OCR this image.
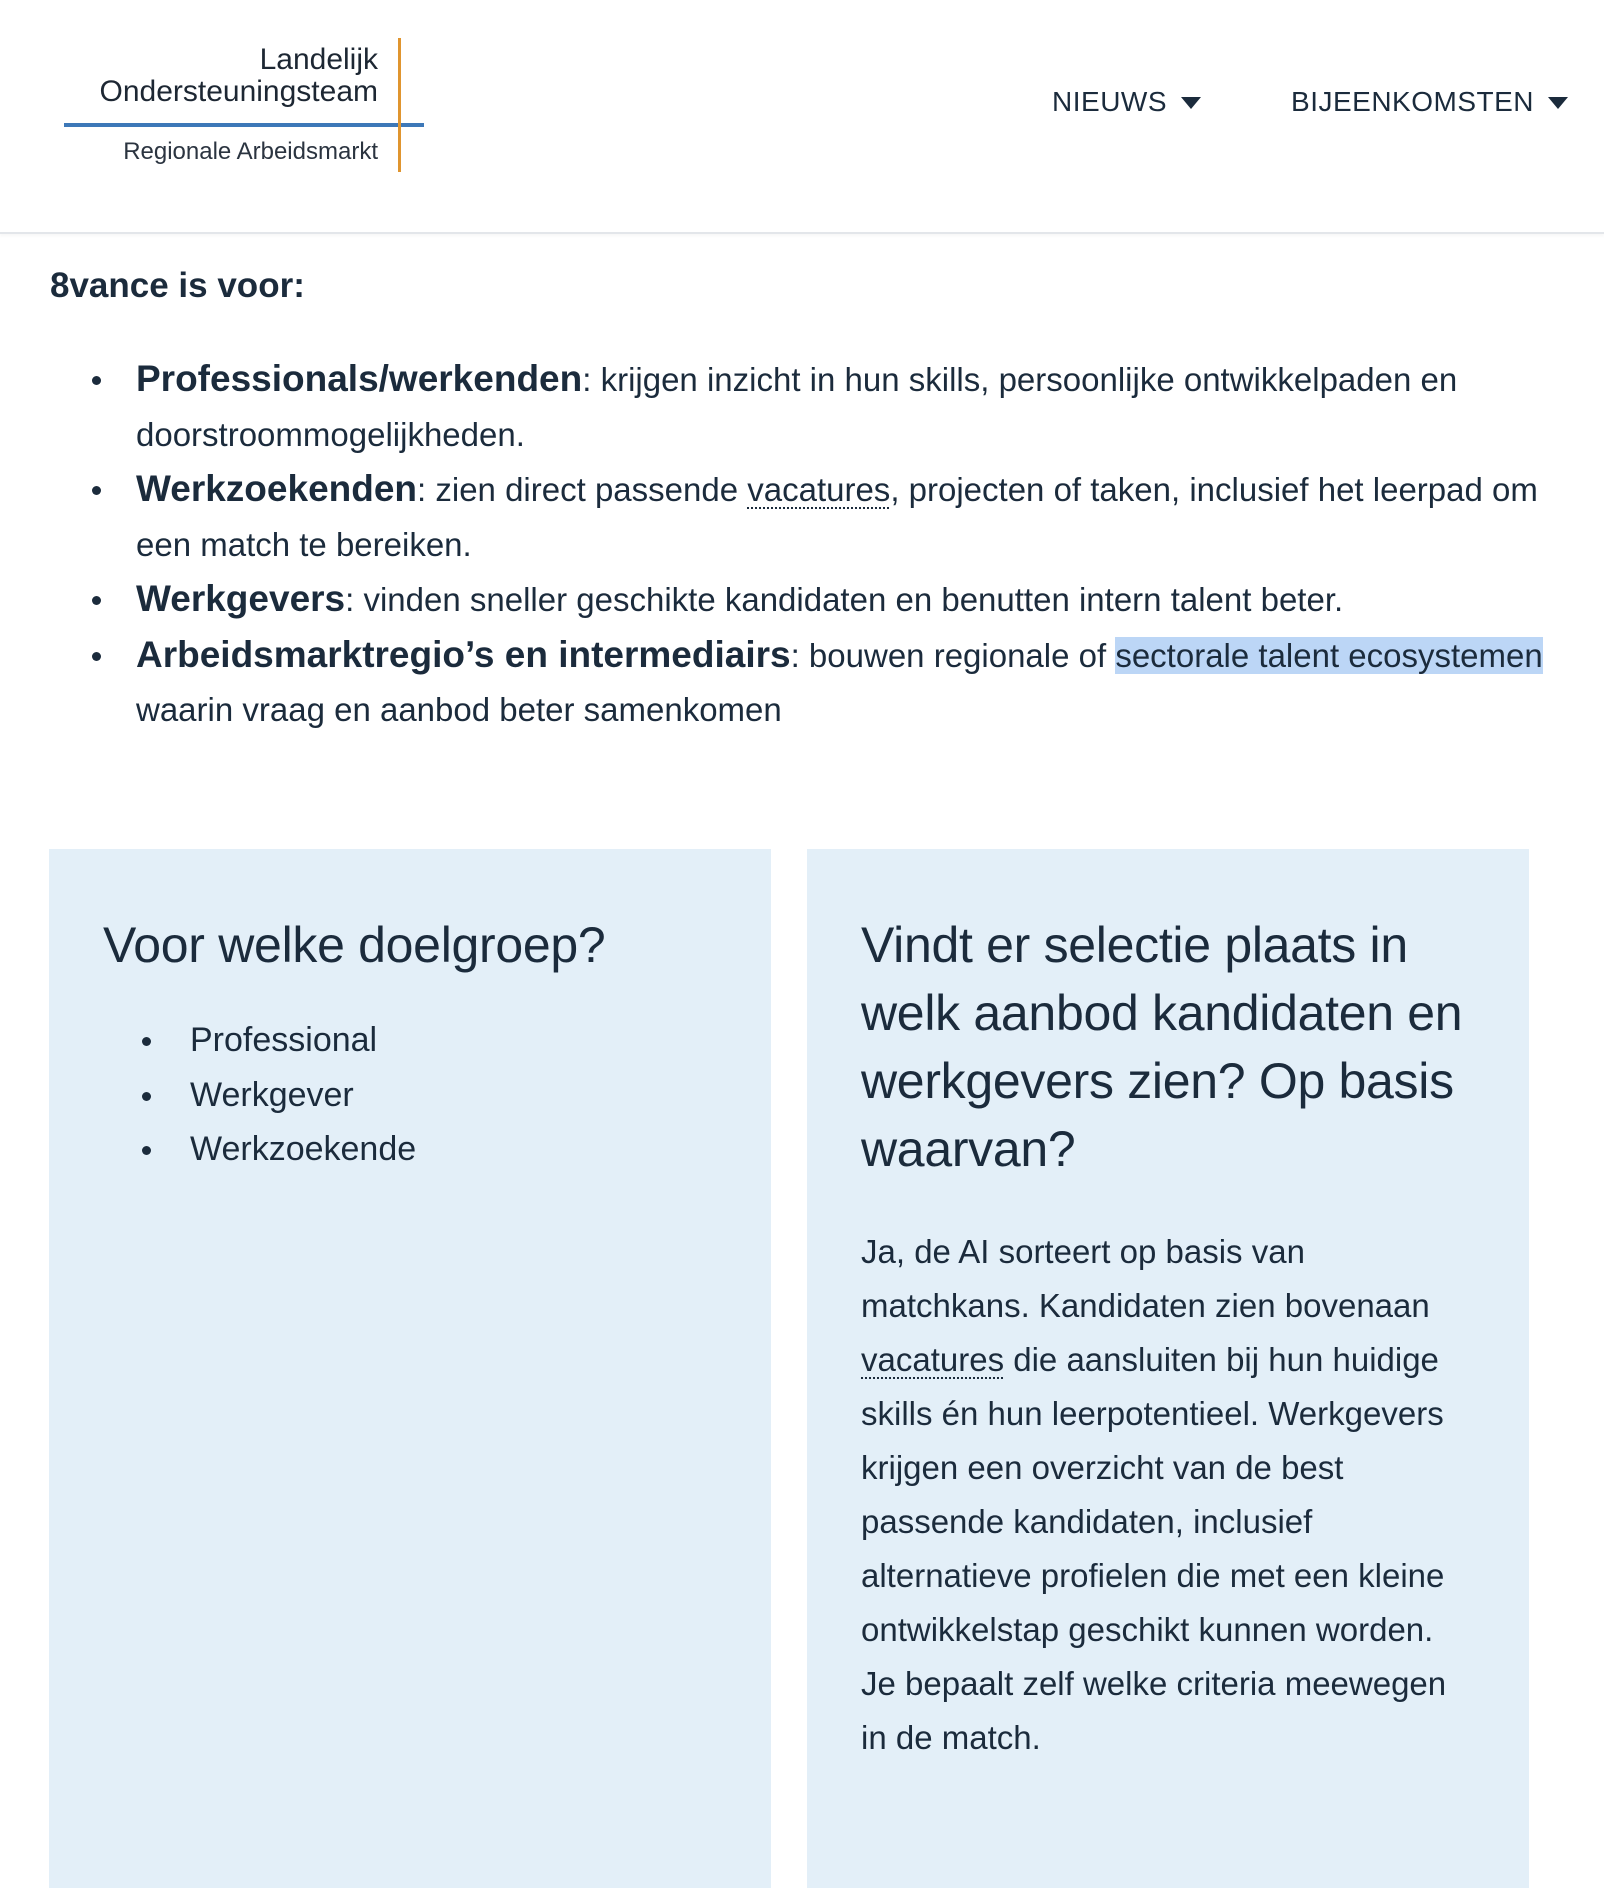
Landelijk
Ondersteuningsteam
Regionale Arbeidsmarkt
NIEUWS	BIJEENKOMSTEN
8vance is voor:
Professionals/werkenden: krijgen inzicht in hun skills, persoonlijke ontwikkelpaden en doorstroommogelijkheden.
Werkzoekenden: zien direct passende vacatures, projecten of taken, inclusief het leerpad om een match te bereiken.
Werkgevers: vinden sneller geschikte kandidaten en benutten intern talent beter.
Arbeidsmarktregio’s en intermediairs: bouwen regionale of sectorale talent ecosystemen waarin vraag en aanbod beter samenkomen
Voor welke doelgroep?
Professional
Werkgever
Werkzoekende
Vindt er selectie plaats in welk aanbod kandidaten en werkgevers zien? Op basis waarvan?

Ja, de AI sorteert op basis van
matchkans. Kandidaten zien bovenaan
vacatures die aansluiten bij hun huidige
skills én hun leerpotentieel. Werkgevers
krijgen een overzicht van de best
passende kandidaten, inclusief
alternatieve profielen die met een kleine
ontwikkelstap geschikt kunnen worden.
Je bepaalt zelf welke criteria meewegen
in de match.
